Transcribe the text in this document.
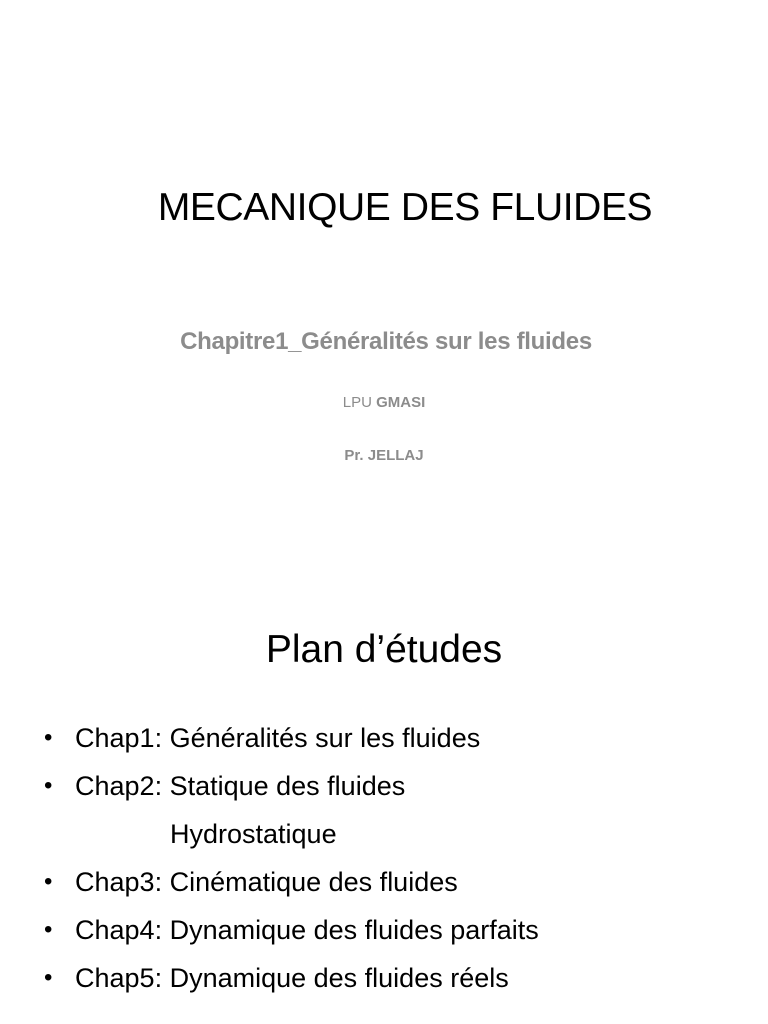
MECANIQUE DES FLUIDES
Chapitre1_Généralités sur les fluides
LPU GMASI
Pr. JELLAJ
Plan d’études
• Chap1: Généralités sur les fluides
• Chap2: Statique des fluides
Hydrostatique
• Chap3: Cinématique des fluides
• Chap4: Dynamique des fluides parfaits
• Chap5: Dynamique des fluides réels
